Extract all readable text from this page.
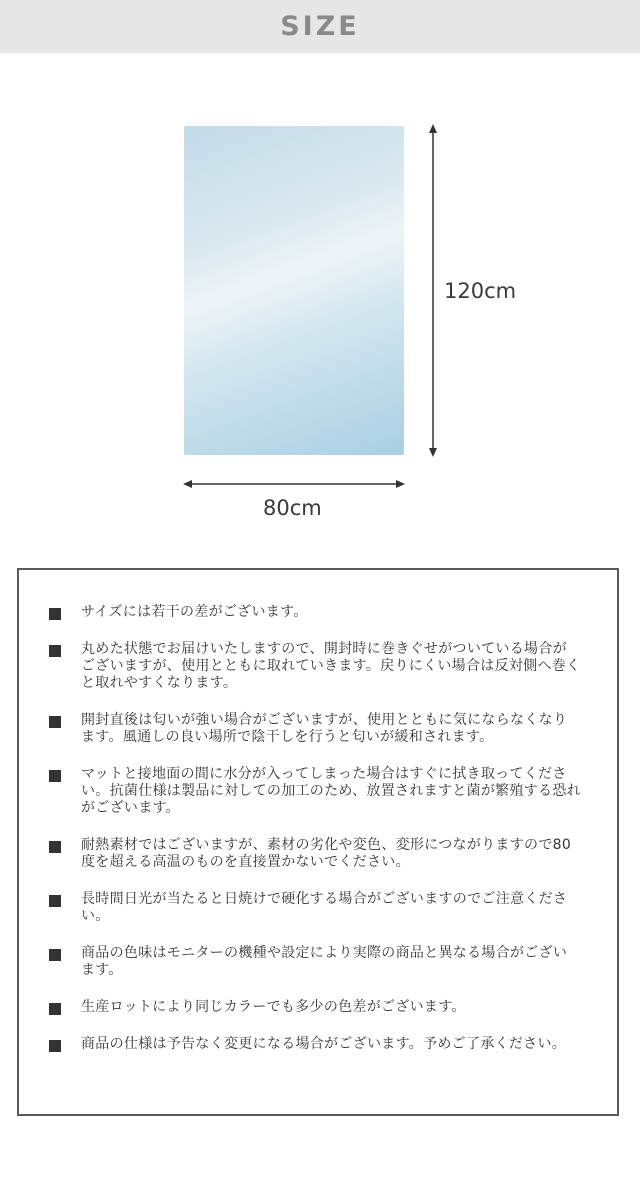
SIZE
120cm
80cm
サイズには若干の差がございます。
丸めた状態でお届けいたしますので、開封時に巻きぐせがついている場合がございますが、使用とともに取れていきます。戻りにくい場合は反対側へ巻くと取れやすくなります。
開封直後は匂いが強い場合がございますが、使用とともに気にならなくなります。風通しの良い場所で陰干しを行うと匂いが緩和されます。
マットと接地面の間に水分が入ってしまった場合はすぐに拭き取ってください。抗菌仕様は製品に対しての加工のため、放置されますと菌が繁殖する恐れがございます。
耐熱素材ではございますが、素材の劣化や変色、変形につながりますので80度を超える高温のものを直接置かないでください。
長時間日光が当たると日焼けで硬化する場合がございますのでご注意ください。
商品の色味はモニターの機種や設定により実際の商品と異なる場合がございます。
生産ロットにより同じカラーでも多少の色差がございます。
商品の仕様は予告なく変更になる場合がございます。予めご了承ください。
